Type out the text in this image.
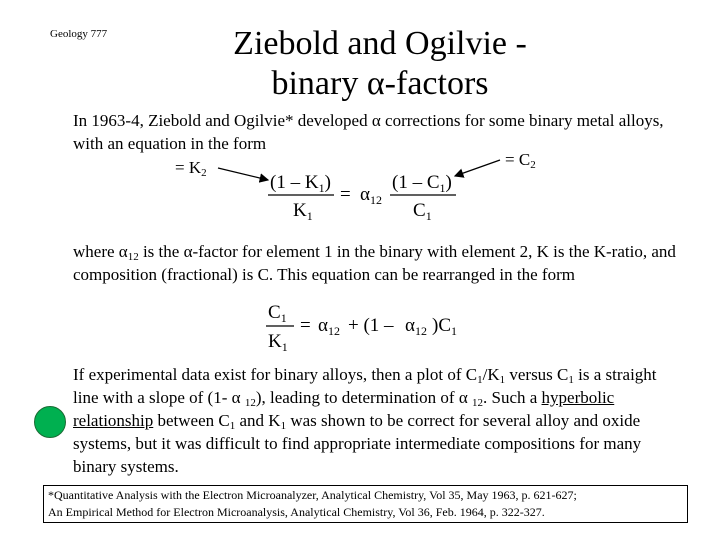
Geology 777	Ziebold and Ogilvie -
binary α-factors
In 1963-4, Ziebold and Ogilvie* developed α corrections for some binary metal alloys, with an equation in the form
= $K_2$
= $C_2$
$(1 - K_1)$
$K_1$
= $\alpha_{12}$
$(1 - C_1)$
$C_1$
where $\alpha_{12}$ is the α-factor for element 1 in the binary with element 2, K is the K-ratio, and composition (fractional) is C. This equation can be rearranged in the form
$C_1$
$K_1$
= $\alpha_{12} + (1 - \alpha_{12}$ )$C_1$
If experimental data exist for binary alloys, then a plot of $C_1/K_1$ versus $C_1$ is a straight line with a slope of (1- α $_{12}$), leading to determination of α $_{12}$. Such a hyperbolic relationship between $C_1$ and $K_1$ was shown to be correct for several alloy and oxide systems, but it was difficult to find appropriate intermediate compositions for many binary systems.
*Quantitative Analysis with the Electron Microanalyzer, Analytical Chemistry, Vol 35, May 1963, p. 621-627;
An Empirical Method for Electron Microanalysis, Analytical Chemistry, Vol 36, Feb. 1964, p. 322-327.
